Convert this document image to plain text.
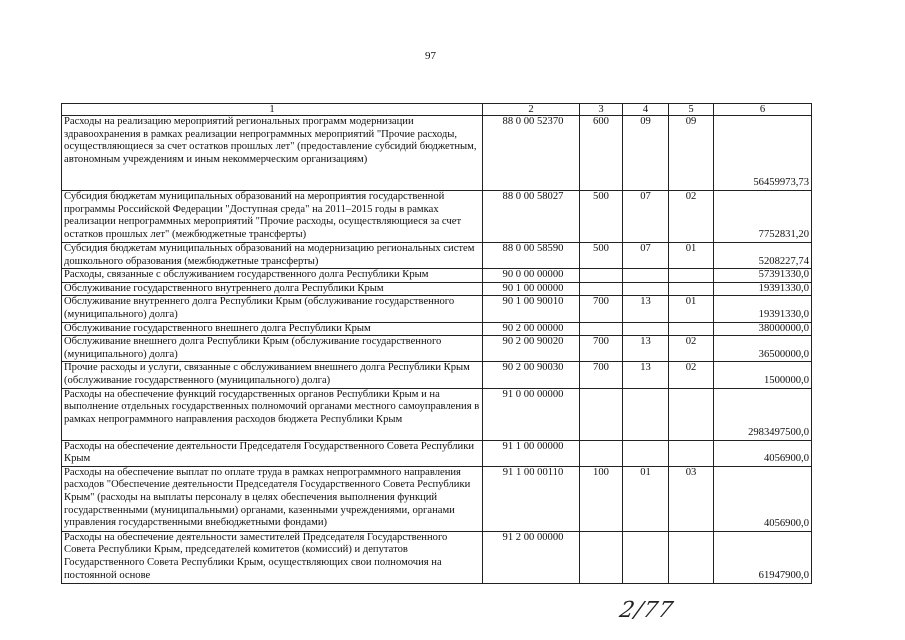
97
1	2	3	4	5	6
Расходы на реализацию мероприятий региональных программ модернизации здравоохранения в рамках реализации непрограммных мероприятий "Прочие расходы, осуществляющиеся за счет остатков прошлых лет" (предоставление субсидий бюджетным, автономным учреждениям и иным некоммерческим организациям)	88 0 00 52370	600	09	09	56459973,73
Субсидия бюджетам муниципальных образований на мероприятия государственной программы Российской Федерации "Доступная среда" на 2011–2015 годы в рамках реализации непрограммных мероприятий "Прочие расходы, осуществляющиеся за счет остатков прошлых лет" (межбюджетные трансферты)	88 0 00 58027	500	07	02	7752831,20
Субсидия бюджетам муниципальных образований на модернизацию региональных систем дошкольного образования (межбюджетные трансферты)	88 0 00 58590	500	07	01	5208227,74
Расходы, связанные с обслуживанием государственного долга Республики Крым	90 0 00 00000				57391330,0
Обслуживание государственного внутреннего долга Республики Крым	90 1 00 00000				19391330,0
Обслуживание внутреннего долга Республики Крым (обслуживание государственного (муниципального) долга)	90 1 00 90010	700	13	01	19391330,0
Обслуживание государственного внешнего долга Республики Крым	90 2 00 00000				38000000,0
Обслуживание внешнего долга Республики Крым (обслуживание государственного (муниципального) долга)	90 2 00 90020	700	13	02	36500000,0
Прочие расходы и услуги, связанные с обслуживанием внешнего долга Республики Крым (обслуживание государственного (муниципального) долга)	90 2 00 90030	700	13	02	1500000,0
Расходы на обеспечение функций государственных органов Республики Крым и на выполнение отдельных государственных полномочий органами местного самоуправления в рамках непрограммного направления расходов бюджета Республики Крым	91 0 00 00000				2983497500,0
Расходы на обеспечение деятельности Председателя Государственного Совета Республики Крым	91 1 00 00000				4056900,0
Расходы на обеспечение выплат по оплате труда в рамках непрограммного направления расходов "Обеспечение деятельности Председателя Государственного Совета Республики Крым" (расходы на выплаты персоналу в целях обеспечения выполнения функций государственными (муниципальными) органами, казенными учреждениями, органами управления государственными внебюджетными фондами)	91 1 00 00110	100	01	03	4056900,0
Расходы на обеспечение деятельности заместителей Председателя Государственного Совета Республики Крым, председателей комитетов (комиссий) и депутатов Государственного Совета Республики Крым, осуществляющих свои полномочия на постоянной основе	91 2 00 00000				61947900,0
2/77
